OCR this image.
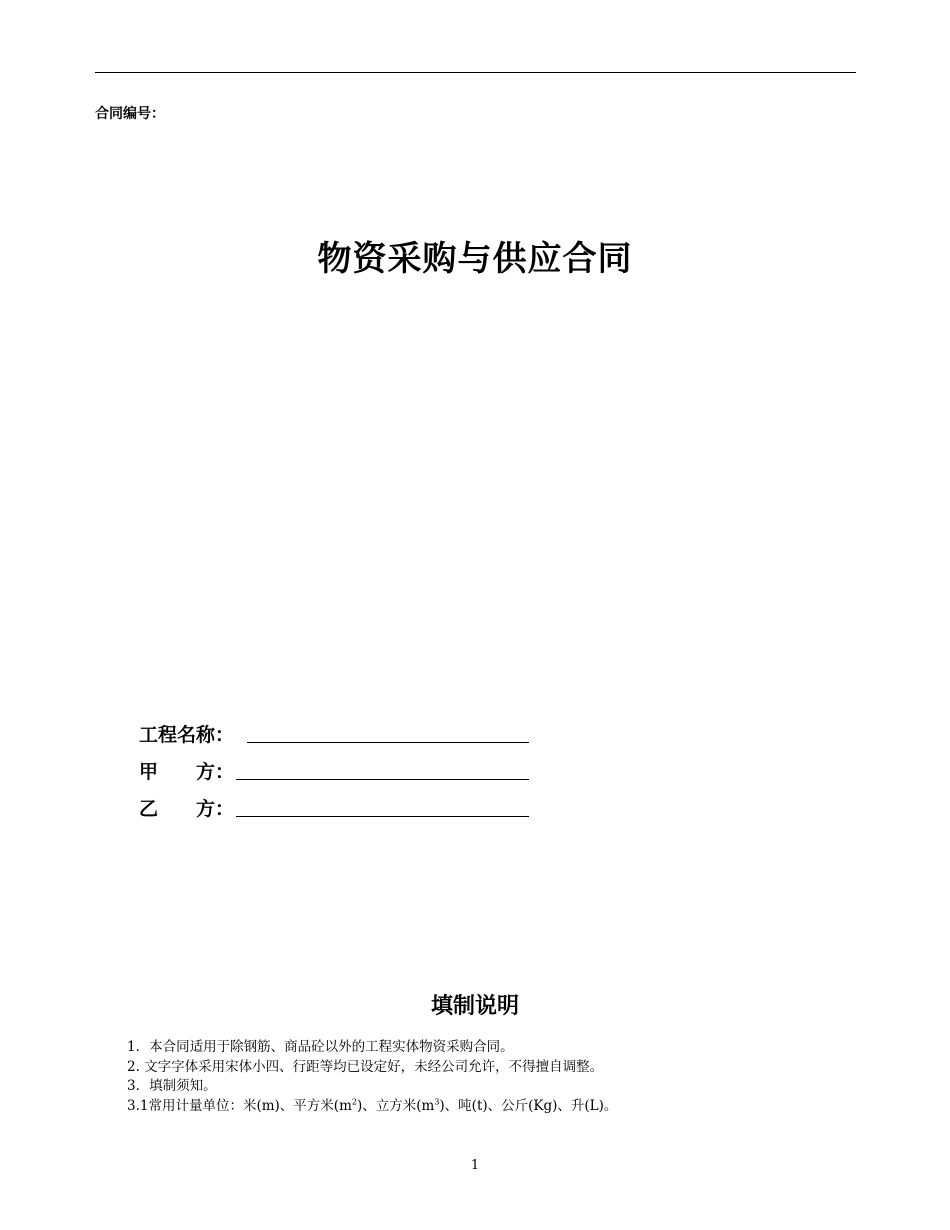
合同编号：
物资采购与供应合同
工程名称：
甲　　方：
乙　　方：
填制说明
1．本合同适用于除钢筋、商品砼以外的工程实体物资采购合同。
2. 文字字体采用宋体小四、行距等均已设定好，未经公司允许，不得擅自调整。
3．填制须知。
3.1常用计量单位：米(m)、平方米$(m^2)$、立方米$(m^3)$、吨(t)、公斤(Kg)、升(L)。
1
